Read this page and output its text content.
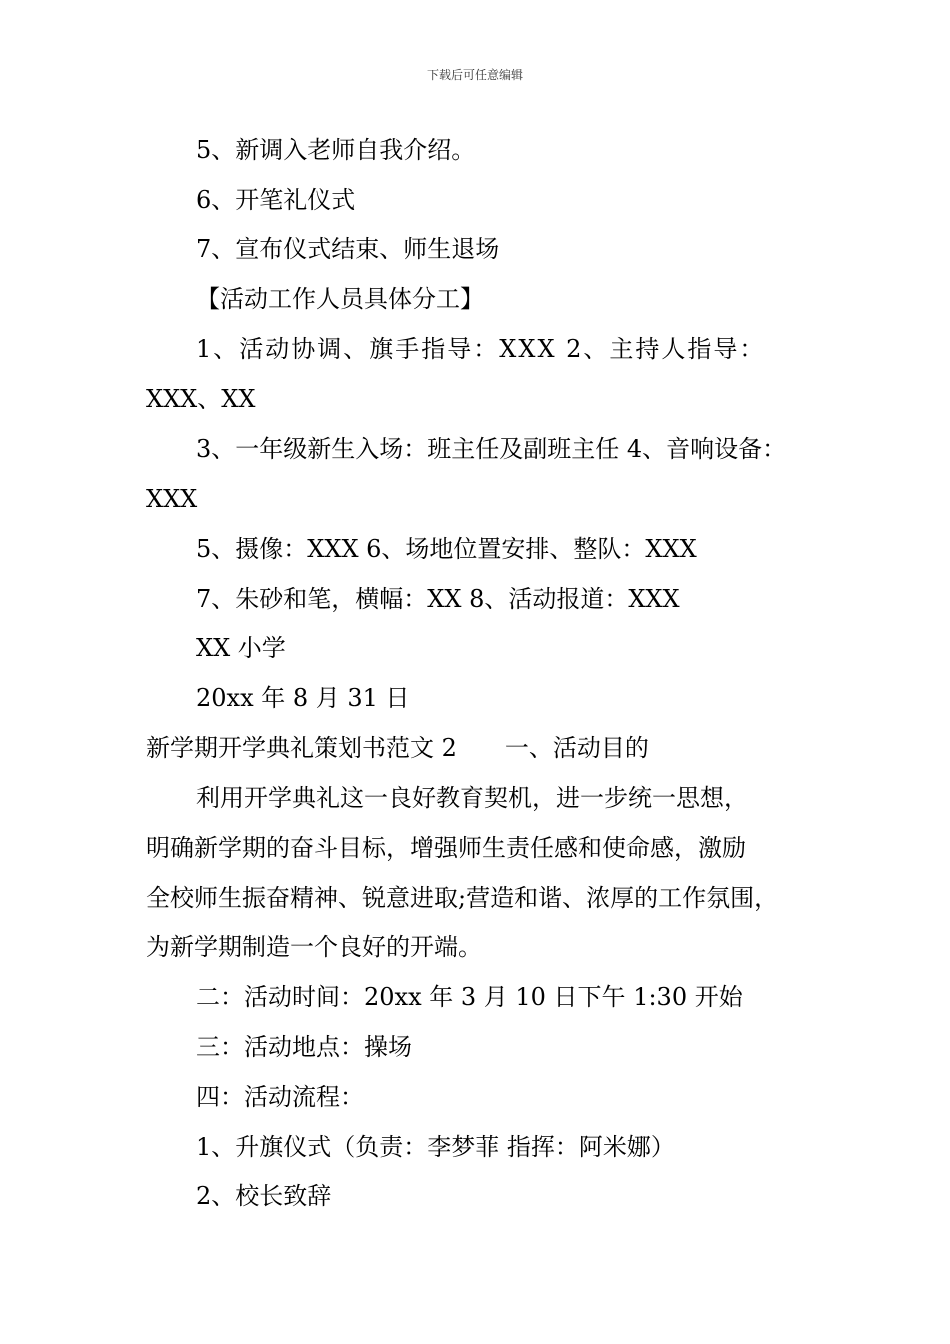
下载后可任意编辑
5、新调入老师自我介绍。
6、开笔礼仪式
7、宣布仪式结束、师生退场
【活动工作人员具体分工】
1、活动协调、旗手指导：XXX 2、主持人指导：
XXX、XX
3、一年级新生入场：班主任及副班主任 4、音响设备：
XXX
5、摄像：XXX 6、场地位置安排、整队：XXX
7、朱砂和笔，横幅：XX 8、活动报道：XXX
XX 小学
20xx 年 8 月 31 日
新学期开学典礼策划书范文 2　　一、活动目的
利用开学典礼这一良好教育契机，进一步统一思想，
明确新学期的奋斗目标，增强师生责任感和使命感，激励
全校师生振奋精神、锐意进取;营造和谐、浓厚的工作氛围，
为新学期制造一个良好的开端。
二：活动时间：20xx 年 3 月 10 日下午 1:30 开始
三：活动地点：操场
四：活动流程：
1、升旗仪式（负责：李梦菲 指挥：阿米娜）
2、校长致辞
